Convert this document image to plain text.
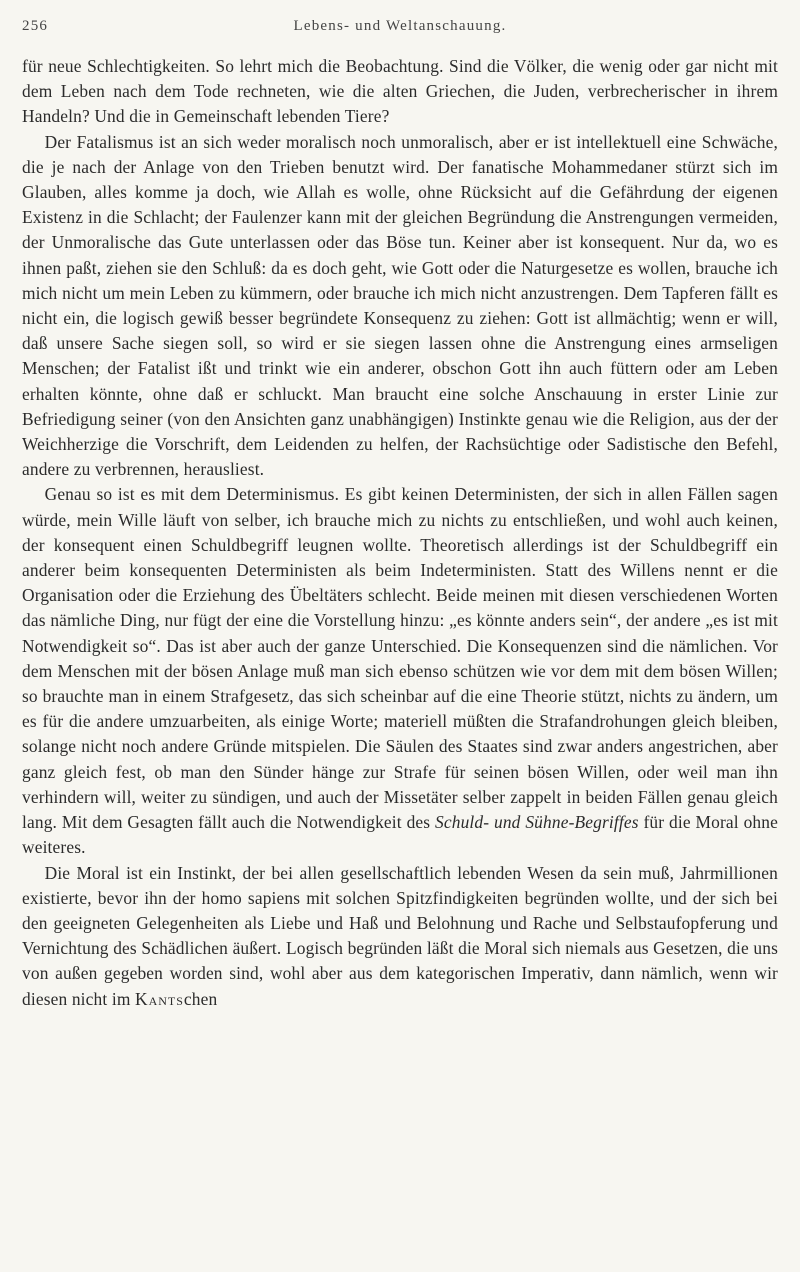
256	Lebens- und Weltanschauung.

für neue Schlechtigkeiten. So lehrt mich die Beobachtung. Sind die Völker, die wenig oder gar nicht mit dem Leben nach dem Tode rechneten, wie die alten Griechen, die Juden, verbrecherischer in ihrem Handeln? Und die in Gemeinschaft lebenden Tiere?

Der Fatalismus ist an sich weder moralisch noch unmoralisch, aber er ist intellektuell eine Schwäche, die je nach der Anlage von den Trieben benutzt wird. Der fanatische Mohammedaner stürzt sich im Glauben, alles komme ja doch, wie Allah es wolle, ohne Rücksicht auf die Gefährdung der eigenen Existenz in die Schlacht; der Faulenzer kann mit der gleichen Begründung die Anstrengungen vermeiden, der Unmoralische das Gute unterlassen oder das Böse tun. Keiner aber ist konsequent. Nur da, wo es ihnen paßt, ziehen sie den Schluß: da es doch geht, wie Gott oder die Naturgesetze es wollen, brauche ich mich nicht um mein Leben zu kümmern, oder brauche ich mich nicht anzustrengen. Dem Tapferen fällt es nicht ein, die logisch gewiß besser begründete Konsequenz zu ziehen: Gott ist allmächtig; wenn er will, daß unsere Sache siegen soll, so wird er sie siegen lassen ohne die Anstrengung eines armseligen Menschen; der Fatalist ißt und trinkt wie ein anderer, obschon Gott ihn auch füttern oder am Leben erhalten könnte, ohne daß er schluckt. Man braucht eine solche Anschauung in erster Linie zur Befriedigung seiner (von den Ansichten ganz unabhängigen) Instinkte genau wie die Religion, aus der der Weichherzige die Vorschrift, dem Leidenden zu helfen, der Rachsüchtige oder Sadistische den Befehl, andere zu verbrennen, herausliest.

Genau so ist es mit dem Determinismus. Es gibt keinen Deterministen, der sich in allen Fällen sagen würde, mein Wille läuft von selber, ich brauche mich zu nichts zu entschließen, und wohl auch keinen, der konsequent einen Schuldbegriff leugnen wollte. Theoretisch allerdings ist der Schuldbegriff ein anderer beim konsequenten Deterministen als beim Indeterministen. Statt des Willens nennt er die Organisation oder die Erziehung des Übeltäters schlecht. Beide meinen mit diesen verschiedenen Worten das nämliche Ding, nur fügt der eine die Vorstellung hinzu: „es könnte anders sein“, der andere „es ist mit Notwendigkeit so“. Das ist aber auch der ganze Unterschied. Die Konsequenzen sind die nämlichen. Vor dem Menschen mit der bösen Anlage muß man sich ebenso schützen wie vor dem mit dem bösen Willen; so brauchte man in einem Strafgesetz, das sich scheinbar auf die eine Theorie stützt, nichts zu ändern, um es für die andere umzuarbeiten, als einige Worte; materiell müßten die Strafandrohungen gleich bleiben, solange nicht noch andere Gründe mitspielen. Die Säulen des Staates sind zwar anders angestrichen, aber ganz gleich fest, ob man den Sünder hänge zur Strafe für seinen bösen Willen, oder weil man ihn verhindern will, weiter zu sündigen, und auch der Missetäter selber zappelt in beiden Fällen genau gleich lang. Mit dem Gesagten fällt auch die Notwendigkeit des Schuld- und Sühne-Begriffes für die Moral ohne weiteres.

Die Moral ist ein Instinkt, der bei allen gesellschaftlich lebenden Wesen da sein muß, Jahrmillionen existierte, bevor ihn der homo sapiens mit solchen Spitzfindigkeiten begründen wollte, und der sich bei den geeigneten Gelegenheiten als Liebe und Haß und Belohnung und Rache und Selbstaufopferung und Vernichtung des Schädlichen äußert. Logisch begründen läßt die Moral sich niemals aus Gesetzen, die uns von außen gegeben worden sind, wohl aber aus dem kategorischen Imperativ, dann nämlich, wenn wir diesen nicht im Kantschen
